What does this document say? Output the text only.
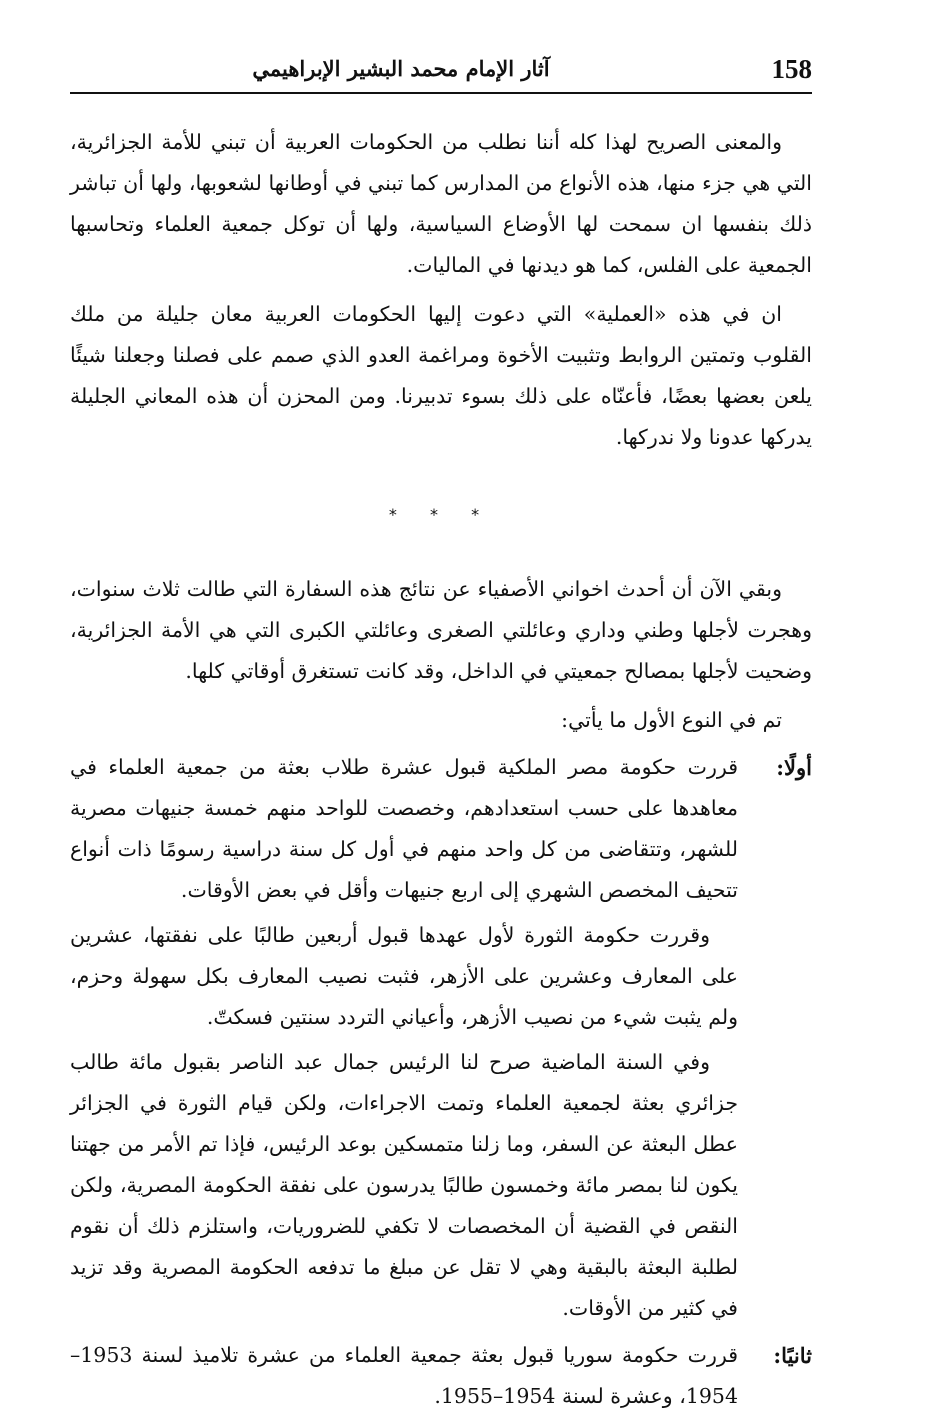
158
آثار الإمام محمد البشير الإبراهيمي

والمعنى الصريح لهذا كله أننا نطلب من الحكومات العربية أن تبني للأمة الجزائرية، التي هي جزء منها، هذه الأنواع من المدارس كما تبني في أوطانها لشعوبها، ولها أن تباشر ذلك بنفسها ان سمحت لها الأوضاع السياسية، ولها أن توكل جمعية العلماء وتحاسبها الجمعية على الفلس، كما هو ديدنها في الماليات.

ان في هذه «العملية» التي دعوت إليها الحكومات العربية معان جليلة من ملك القلوب وتمتين الروابط وتثبيت الأخوة ومراغمة العدو الذي صمم على فصلنا وجعلنا شيئًا يلعن بعضها بعضًا، فأعنّاه على ذلك بسوء تدبيرنا. ومن المحزن أن هذه المعاني الجليلة يدركها عدونا ولا ندركها.

* * *

وبقي الآن أن أحدث اخواني الأصفياء عن نتائج هذه السفارة التي طالت ثلاث سنوات، وهجرت لأجلها وطني وداري وعائلتي الصغرى وعائلتي الكبرى التي هي الأمة الجزائرية، وضحيت لأجلها بمصالح جمعيتي في الداخل، وقد كانت تستغرق أوقاتي كلها.

تم في النوع الأول ما يأتي:

أولًا:

قررت حكومة مصر الملكية قبول عشرة طلاب بعثة من جمعية العلماء في معاهدها على حسب استعدادهم، وخصصت للواحد منهم خمسة جنيهات مصرية للشهر، وتتقاضى من كل واحد منهم في أول كل سنة دراسية رسومًا ذات أنواع تتحيف المخصص الشهري إلى اربع جنيهات وأقل في بعض الأوقات.

وقررت حكومة الثورة لأول عهدها قبول أربعين طالبًا على نفقتها، عشرين على المعارف وعشرين على الأزهر، فثبت نصيب المعارف بكل سهولة وحزم، ولم يثبت شيء من نصيب الأزهر، وأعياني التردد سنتين فسكتّ.

وفي السنة الماضية صرح لنا الرئيس جمال عبد الناصر بقبول مائة طالب جزائري بعثة لجمعية العلماء وتمت الاجراءات، ولكن قيام الثورة في الجزائر عطل البعثة عن السفر، وما زلنا متمسكين بوعد الرئيس، فإذا تم الأمر من جهتنا يكون لنا بمصر مائة وخمسون طالبًا يدرسون على نفقة الحكومة المصرية، ولكن النقص في القضية أن المخصصات لا تكفي للضروريات، واستلزم ذلك أن نقوم لطلبة البعثة بالبقية وهي لا تقل عن مبلغ ما تدفعه الحكومة المصرية وقد تزيد في كثير من الأوقات.

ثانيًا:

قررت حكومة سوريا قبول بعثة جمعية العلماء من عشرة تلاميذ لسنة 1953–1954، وعشرة لسنة 1954–1955.
